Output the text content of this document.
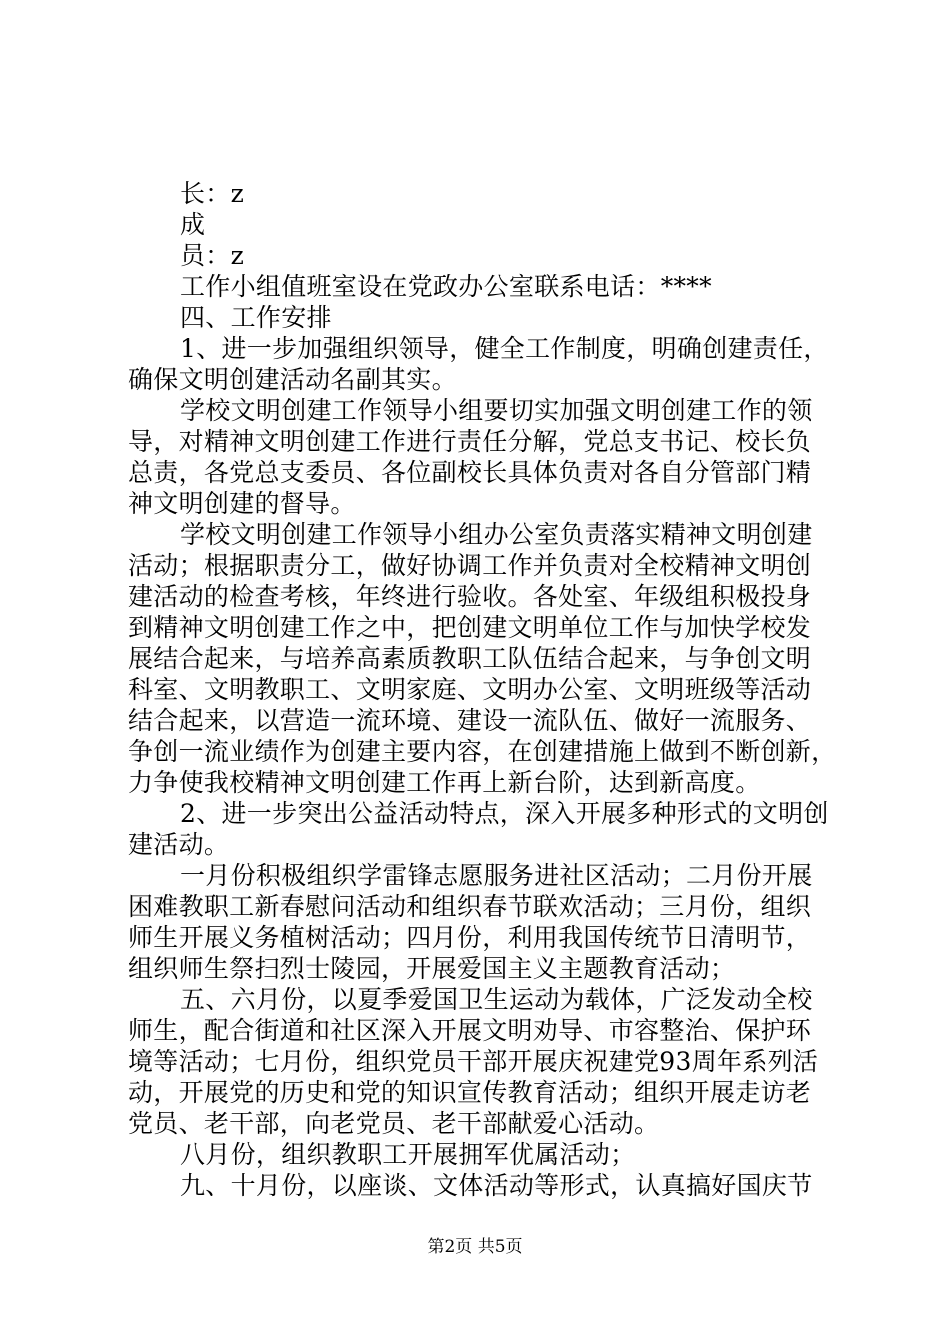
长：z
成
员：z
工作小组值班室设在党政办公室联系电话：****
四、工作安排
1、进一步加强组织领导，健全工作制度，明确创建责任，
确保文明创建活动名副其实。
学校文明创建工作领导小组要切实加强文明创建工作的领
导，对精神文明创建工作进行责任分解，党总支书记、校长负
总责，各党总支委员、各位副校长具体负责对各自分管部门精
神文明创建的督导。
学校文明创建工作领导小组办公室负责落实精神文明创建
活动；根据职责分工，做好协调工作并负责对全校精神文明创
建活动的检查考核，年终进行验收。各处室、年级组积极投身
到精神文明创建工作之中，把创建文明单位工作与加快学校发
展结合起来，与培养高素质教职工队伍结合起来，与争创文明
科室、文明教职工、文明家庭、文明办公室、文明班级等活动
结合起来，以营造一流环境、建设一流队伍、做好一流服务、
争创一流业绩作为创建主要内容，在创建措施上做到不断创新，
力争使我校精神文明创建工作再上新台阶，达到新高度。
2、进一步突出公益活动特点，深入开展多种形式的文明创
建活动。
一月份积极组织学雷锋志愿服务进社区活动；二月份开展
困难教职工新春慰问活动和组织春节联欢活动；三月份，组织
师生开展义务植树活动；四月份，利用我国传统节日清明节，
组织师生祭扫烈士陵园，开展爱国主义主题教育活动；
五、六月份，以夏季爱国卫生运动为载体，广泛发动全校
师生，配合街道和社区深入开展文明劝导、市容整治、保护环
境等活动；七月份，组织党员干部开展庆祝建党93周年系列活
动，开展党的历史和党的知识宣传教育活动；组织开展走访老
党员、老干部，向老党员、老干部献爱心活动。
八月份，组织教职工开展拥军优属活动；
九、十月份，以座谈、文体活动等形式，认真搞好国庆节
第2页 共5页
